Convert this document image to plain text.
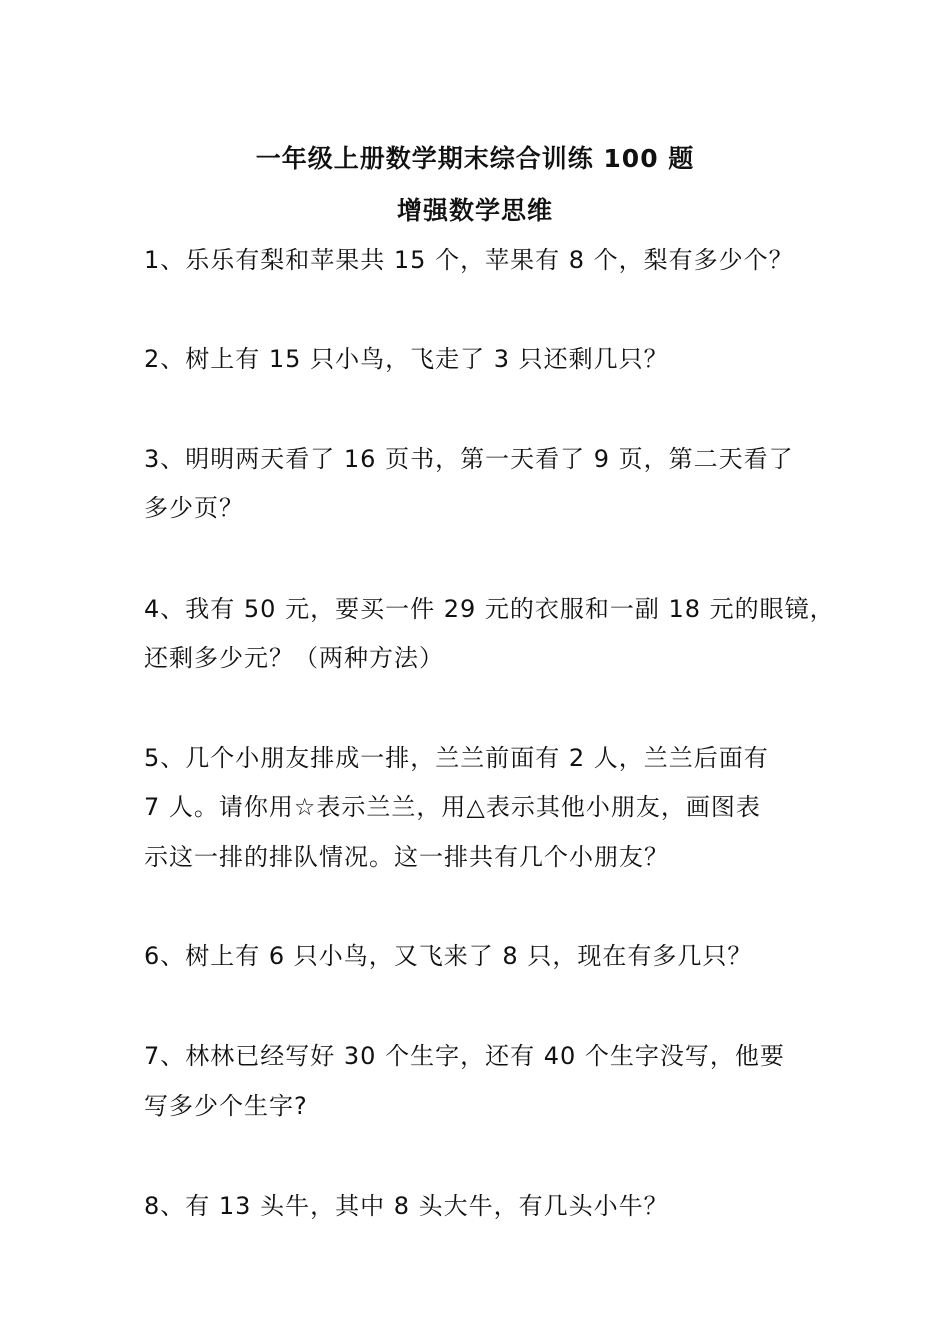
一年级上册数学期末综合训练 100 题
增强数学思维
1、乐乐有梨和苹果共 15 个，苹果有 8 个，梨有多少个？
2、树上有 15 只小鸟，飞走了 3 只还剩几只？
3、明明两天看了 16 页书，第一天看了 9 页，第二天看了
多少页？
4、我有 50 元，要买一件 29 元的衣服和一副 18 元的眼镜，
还剩多少元？（两种方法）
5、几个小朋友排成一排，兰兰前面有 2 人，兰兰后面有
7 人。请你用☆表示兰兰，用△表示其他小朋友，画图表
示这一排的排队情况。这一排共有几个小朋友？
6、树上有 6 只小鸟，又飞来了 8 只，现在有多几只？
7、林林已经写好 30 个生字，还有 40 个生字没写，他要
写多少个生字?
8、有 13 头牛，其中 8 头大牛，有几头小牛？
